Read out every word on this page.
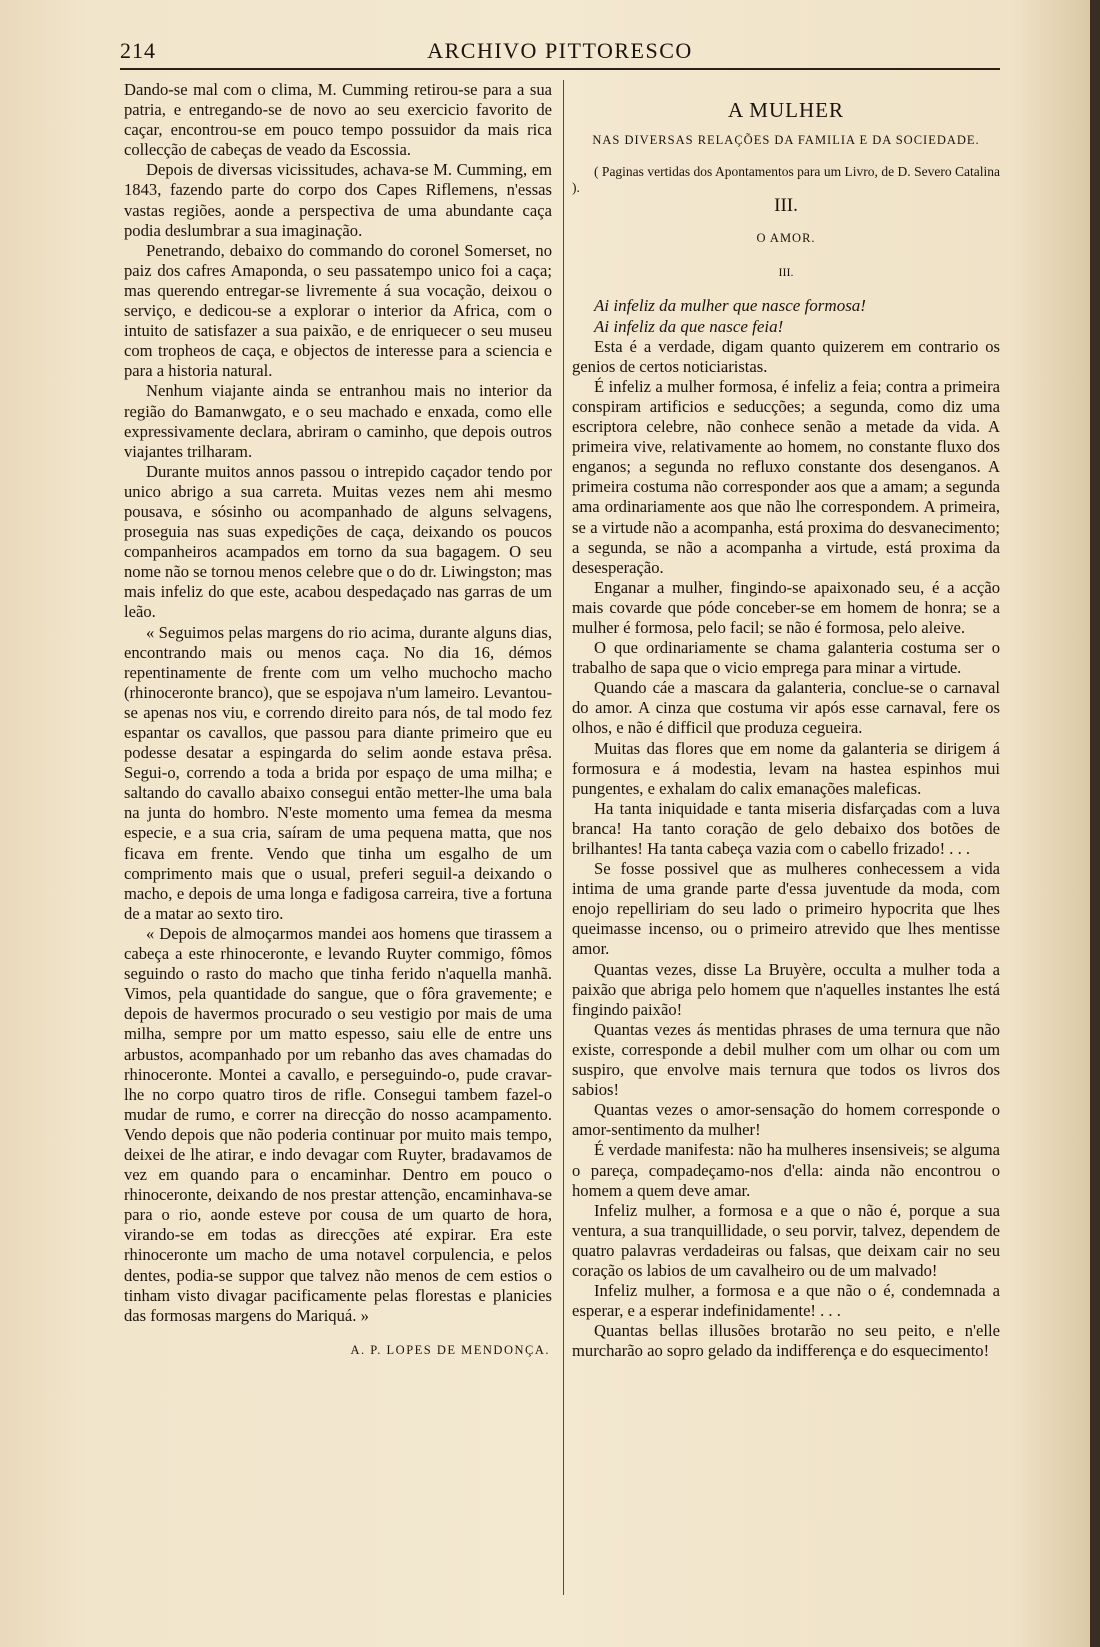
214	ARCHIVO PITTORESCO

Dando-se mal com o clima, M. Cumming retirou-se para a sua patria, e entregando-se de novo ao seu exercicio favorito de caçar, encontrou-se em pouco tempo possuidor da mais rica collecção de cabeças de veado da Escossia.

Depois de diversas vicissitudes, achava-se M. Cumming, em 1843, fazendo parte do corpo dos Capes Riflemens, n'essas vastas regiões, aonde a perspectiva de uma abundante caça podia deslumbrar a sua imaginação.

Penetrando, debaixo do commando do coronel Somerset, no paiz dos cafres Amaponda, o seu passatempo unico foi a caça; mas querendo entregar-se livremente á sua vocação, deixou o serviço, e dedicou-se a explorar o interior da Africa, com o intuito de satisfazer a sua paixão, e de enriquecer o seu museu com tropheos de caça, e objectos de interesse para a sciencia e para a historia natural.

Nenhum viajante ainda se entranhou mais no interior da região do Bamanwgato, e o seu machado e enxada, como elle expressivamente declara, abriram o caminho, que depois outros viajantes trilharam.

Durante muitos annos passou o intrepido caçador tendo por unico abrigo a sua carreta. Muitas vezes nem ahi mesmo pousava, e sósinho ou acompanhado de alguns selvagens, proseguia nas suas expedições de caça, deixando os poucos companheiros acampados em torno da sua bagagem. O seu nome não se tornou menos celebre que o do dr. Liwingston; mas mais infeliz do que este, acabou despedaçado nas garras de um leão.

« Seguimos pelas margens do rio acima, durante alguns dias, encontrando mais ou menos caça. No dia 16, démos repentinamente de frente com um velho muchocho macho (rhinoceronte branco), que se espojava n'um lameiro. Levantou-se apenas nos viu, e correndo direito para nós, de tal modo fez espantar os cavallos, que passou para diante primeiro que eu podesse desatar a espingarda do selim aonde estava prêsa. Segui-o, correndo a toda a brida por espaço de uma milha; e saltando do cavallo abaixo consegui então metter-lhe uma bala na junta do hombro. N'este momento uma femea da mesma especie, e a sua cria, saíram de uma pequena matta, que nos ficava em frente. Vendo que tinha um esgalho de um comprimento mais que o usual, preferi seguil-a deixando o macho, e depois de uma longa e fadigosa carreira, tive a fortuna de a matar ao sexto tiro.

« Depois de almoçarmos mandei aos homens que tirassem a cabeça a este rhinoceronte, e levando Ruyter commigo, fômos seguindo o rasto do macho que tinha ferido n'aquella manhã. Vimos, pela quantidade do sangue, que o fôra gravemente; e depois de havermos procurado o seu vestigio por mais de uma milha, sempre por um matto espesso, saiu elle de entre uns arbustos, acompanhado por um rebanho das aves chamadas do rhinoceronte. Montei a cavallo, e perseguindo-o, pude cravar-lhe no corpo quatro tiros de rifle. Consegui tambem fazel-o mudar de rumo, e correr na direcção do nosso acampamento. Vendo depois que não poderia continuar por muito mais tempo, deixei de lhe atirar, e indo devagar com Ruyter, bradavamos de vez em quando para o encaminhar. Dentro em pouco o rhinoceronte, deixando de nos prestar attenção, encaminhava-se para o rio, aonde esteve por cousa de um quarto de hora, virando-se em todas as direcções até expirar. Era este rhinoceronte um macho de uma notavel corpulencia, e pelos dentes, podia-se suppor que talvez não menos de cem estios o tinham visto divagar pacificamente pelas florestas e planicies das formosas margens do Mariquá. »

A. P. LOPES DE MENDONÇA.
A MULHER
NAS DIVERSAS RELAÇÕES DA FAMILIA E DA SOCIEDADE.

( Paginas vertidas dos Apontamentos para um Livro, de D. Severo Catalina ).

III.
O AMOR.
III.

Ai infeliz da mulher que nasce formosa!

Ai infeliz da que nasce feia!

Esta é a verdade, digam quanto quizerem em contrario os genios de certos noticiaristas.

É infeliz a mulher formosa, é infeliz a feia; contra a primeira conspiram artificios e seducções; a segunda, como diz uma escriptora celebre, não conhece senão a metade da vida. A primeira vive, relativamente ao homem, no constante fluxo dos enganos; a segunda no refluxo constante dos desenganos. A primeira costuma não corresponder aos que a amam; a segunda ama ordinariamente aos que não lhe correspondem. A primeira, se a virtude não a acompanha, está proxima do desvanecimento; a segunda, se não a acompanha a virtude, está proxima da desesperação.

Enganar a mulher, fingindo-se apaixonado seu, é a acção mais covarde que póde conceber-se em homem de honra; se a mulher é formosa, pelo facil; se não é formosa, pelo aleive.

O que ordinariamente se chama galanteria costuma ser o trabalho de sapa que o vicio emprega para minar a virtude.

Quando cáe a mascara da galanteria, conclue-se o carnaval do amor. A cinza que costuma vir após esse carnaval, fere os olhos, e não é difficil que produza cegueira.

Muitas das flores que em nome da galanteria se dirigem á formosura e á modestia, levam na hastea espinhos mui pungentes, e exhalam do calix emanações maleficas.

Ha tanta iniquidade e tanta miseria disfarçadas com a luva branca! Ha tanto coração de gelo debaixo dos botões de brilhantes! Ha tanta cabeça vazia com o cabello frizado! . . .

Se fosse possivel que as mulheres conhecessem a vida intima de uma grande parte d'essa juventude da moda, com enojo repelliriam do seu lado o primeiro hypocrita que lhes queimasse incenso, ou o primeiro atrevido que lhes mentisse amor.

Quantas vezes, disse La Bruyère, occulta a mulher toda a paixão que abriga pelo homem que n'aquelles instantes lhe está fingindo paixão!

Quantas vezes ás mentidas phrases de uma ternura que não existe, corresponde a debil mulher com um olhar ou com um suspiro, que envolve mais ternura que todos os livros dos sabios!

Quantas vezes o amor-sensação do homem corresponde o amor-sentimento da mulher!

É verdade manifesta: não ha mulheres insensiveis; se alguma o pareça, compadeçamo-nos d'ella: ainda não encontrou o homem a quem deve amar.

Infeliz mulher, a formosa e a que o não é, porque a sua ventura, a sua tranquillidade, o seu porvir, talvez, dependem de quatro palavras verdadeiras ou falsas, que deixam cair no seu coração os labios de um cavalheiro ou de um malvado!

Infeliz mulher, a formosa e a que não o é, condemnada a esperar, e a esperar indefinidamente! . . .

Quantas bellas illusões brotarão no seu peito, e n'elle murcharão ao sopro gelado da indifferença e do esquecimento!
